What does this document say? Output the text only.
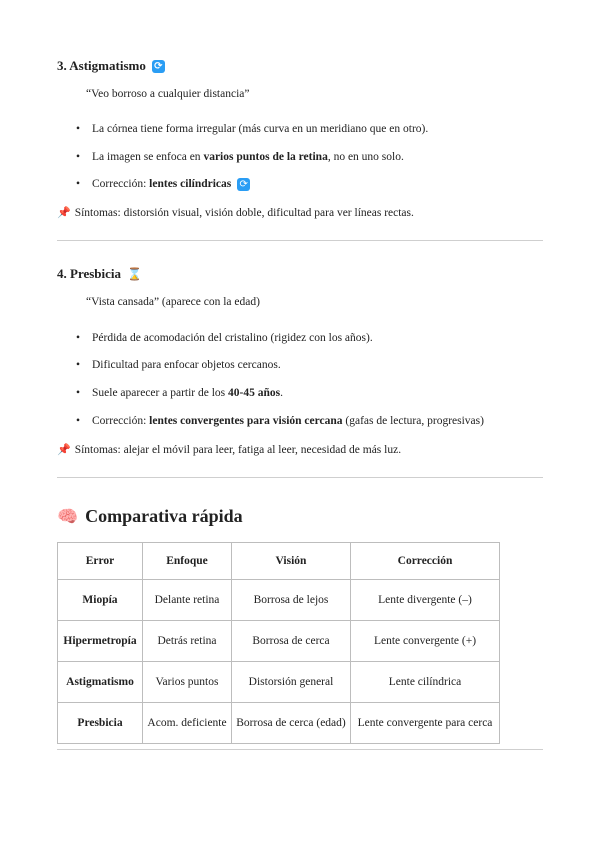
3. Astigmatismo ⟳
“Veo borroso a cualquier distancia”
• La córnea tiene forma irregular (más curva en un meridiano que en otro).
• La imagen se enfoca en varios puntos de la retina, no en uno solo.
• Corrección: lentes cilíndricas ⟳
📌 Síntomas: distorsión visual, visión doble, dificultad para ver líneas rectas.
4. Presbicia ⌛
“Vista cansada” (aparece con la edad)
• Pérdida de acomodación del cristalino (rigidez con los años).
• Dificultad para enfocar objetos cercanos.
• Suele aparecer a partir de los 40-45 años.
• Corrección: lentes convergentes para visión cercana (gafas de lectura, progresivas)
📌 Síntomas: alejar el móvil para leer, fatiga al leer, necesidad de más luz.
🧠 Comparativa rápida
Error	Enfoque	Visión	Corrección
Miopía	Delante retina	Borrosa de lejos	Lente divergente (–)
Hipermetropía	Detrás retina	Borrosa de cerca	Lente convergente (+)
Astigmatismo	Varios puntos	Distorsión general	Lente cilíndrica
Presbicia	Acom. deficiente	Borrosa de cerca (edad)	Lente convergente para cerca
